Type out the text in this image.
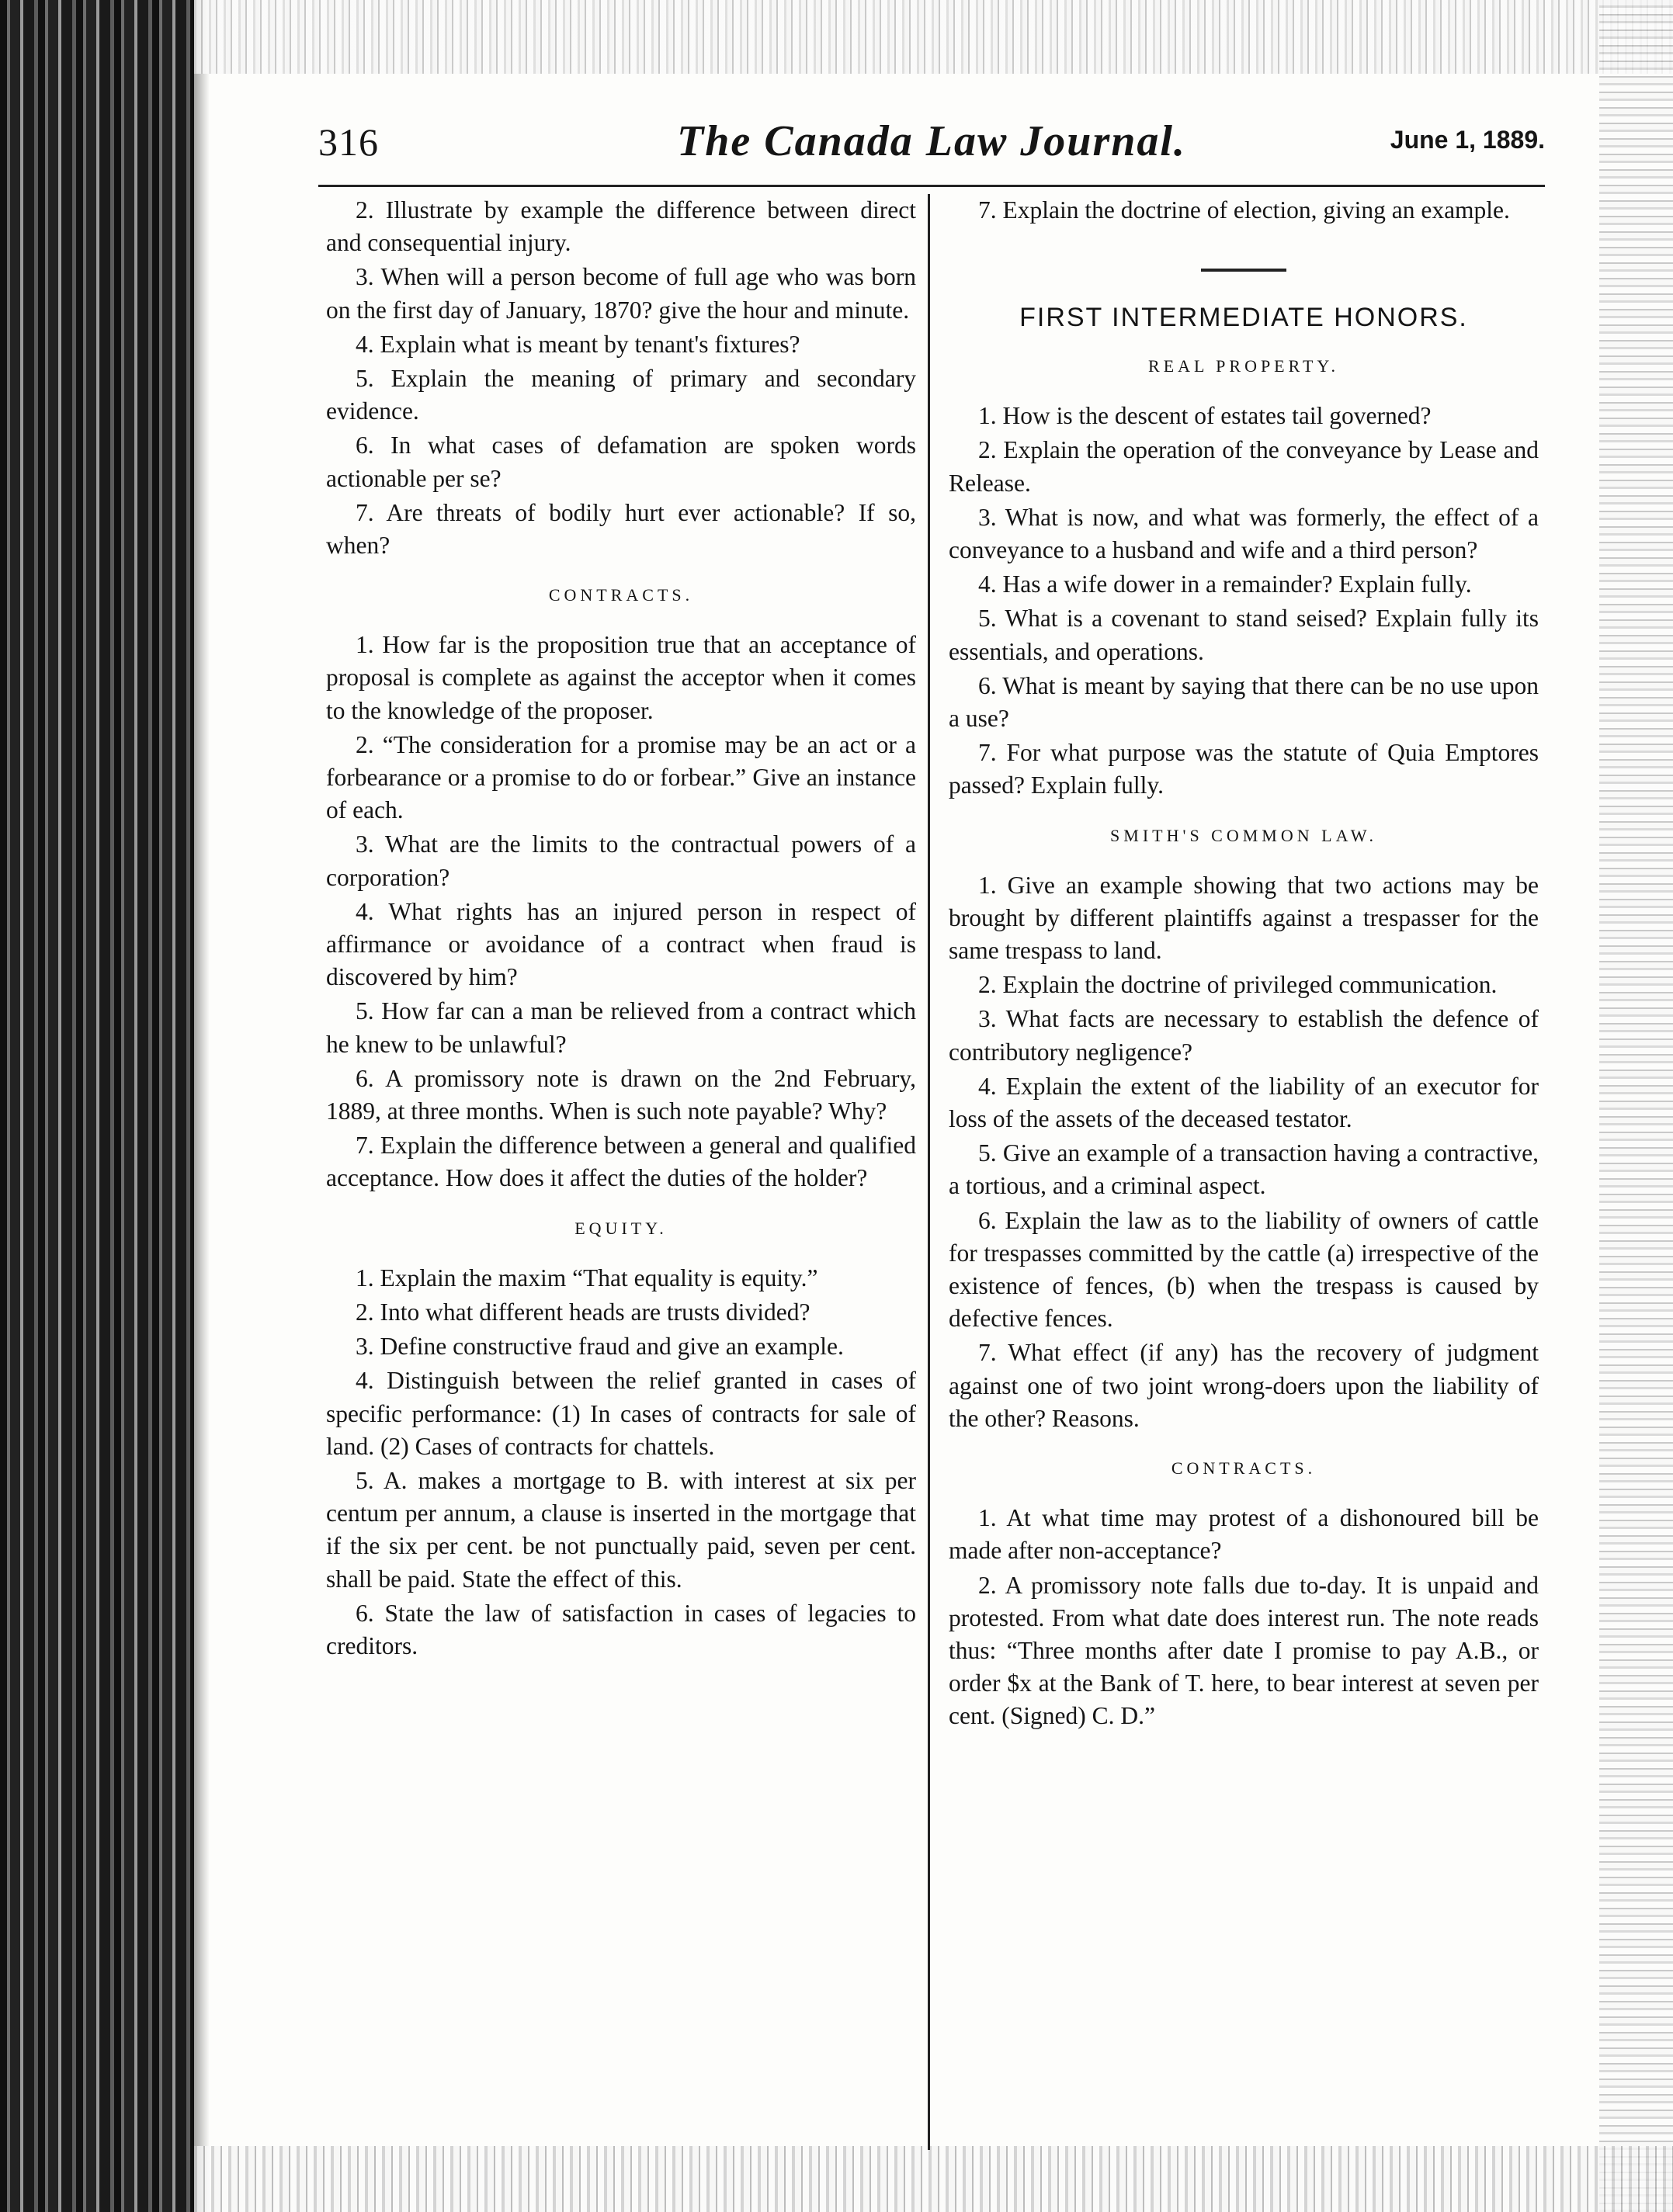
316	The Canada Law Journal.	June 1, 1889.

2. Illustrate by example the difference between direct and consequential injury.

3. When will a person become of full age who was born on the first day of January, 1870? give the hour and minute.

4. Explain what is meant by tenant's fixtures?

5. Explain the meaning of primary and secondary evidence.

6. In what cases of defamation are spoken words actionable per se?

7. Are threats of bodily hurt ever actionable? If so, when?

CONTRACTS.

1. How far is the proposition true that an acceptance of proposal is complete as against the acceptor when it comes to the knowledge of the proposer.

2. “The consideration for a promise may be an act or a forbearance or a promise to do or forbear.” Give an instance of each.

3. What are the limits to the contractual powers of a corporation?

4. What rights has an injured person in respect of affirmance or avoidance of a contract when fraud is discovered by him?

5. How far can a man be relieved from a contract which he knew to be unlawful?

6. A promissory note is drawn on the 2nd February, 1889, at three months. When is such note payable? Why?

7. Explain the difference between a general and qualified acceptance. How does it affect the duties of the holder?

EQUITY.

1. Explain the maxim “That equality is equity.”

2. Into what different heads are trusts divided?

3. Define constructive fraud and give an example.

4. Distinguish between the relief granted in cases of specific performance: (1) In cases of contracts for sale of land. (2) Cases of contracts for chattels.

5. A. makes a mortgage to B. with interest at six per centum per annum, a clause is inserted in the mortgage that if the six per cent. be not punctually paid, seven per cent. shall be paid. State the effect of this.

6. State the law of satisfaction in cases of legacies to creditors.

7. Explain the doctrine of election, giving an example.

FIRST INTERMEDIATE HONORS.
REAL PROPERTY.

1. How is the descent of estates tail governed?

2. Explain the operation of the conveyance by Lease and Release.

3. What is now, and what was formerly, the effect of a conveyance to a husband and wife and a third person?

4. Has a wife dower in a remainder? Explain fully.

5. What is a covenant to stand seised? Explain fully its essentials, and operations.

6. What is meant by saying that there can be no use upon a use?

7. For what purpose was the statute of Quia Emptores passed? Explain fully.

SMITH'S COMMON LAW.

1. Give an example showing that two actions may be brought by different plaintiffs against a trespasser for the same trespass to land.

2. Explain the doctrine of privileged communication.

3. What facts are necessary to establish the defence of contributory negligence?

4. Explain the extent of the liability of an executor for loss of the assets of the deceased testator.

5. Give an example of a transaction having a contractive, a tortious, and a criminal aspect.

6. Explain the law as to the liability of owners of cattle for trespasses committed by the cattle (a) irrespective of the existence of fences, (b) when the trespass is caused by defective fences.

7. What effect (if any) has the recovery of judgment against one of two joint wrong-doers upon the liability of the other? Reasons.

CONTRACTS.

1. At what time may protest of a dishonoured bill be made after non-acceptance?

2. A promissory note falls due to-day. It is unpaid and protested. From what date does interest run. The note reads thus: “Three months after date I promise to pay A.B., or order $x at the Bank of T. here, to bear interest at seven per cent. (Signed) C. D.”
